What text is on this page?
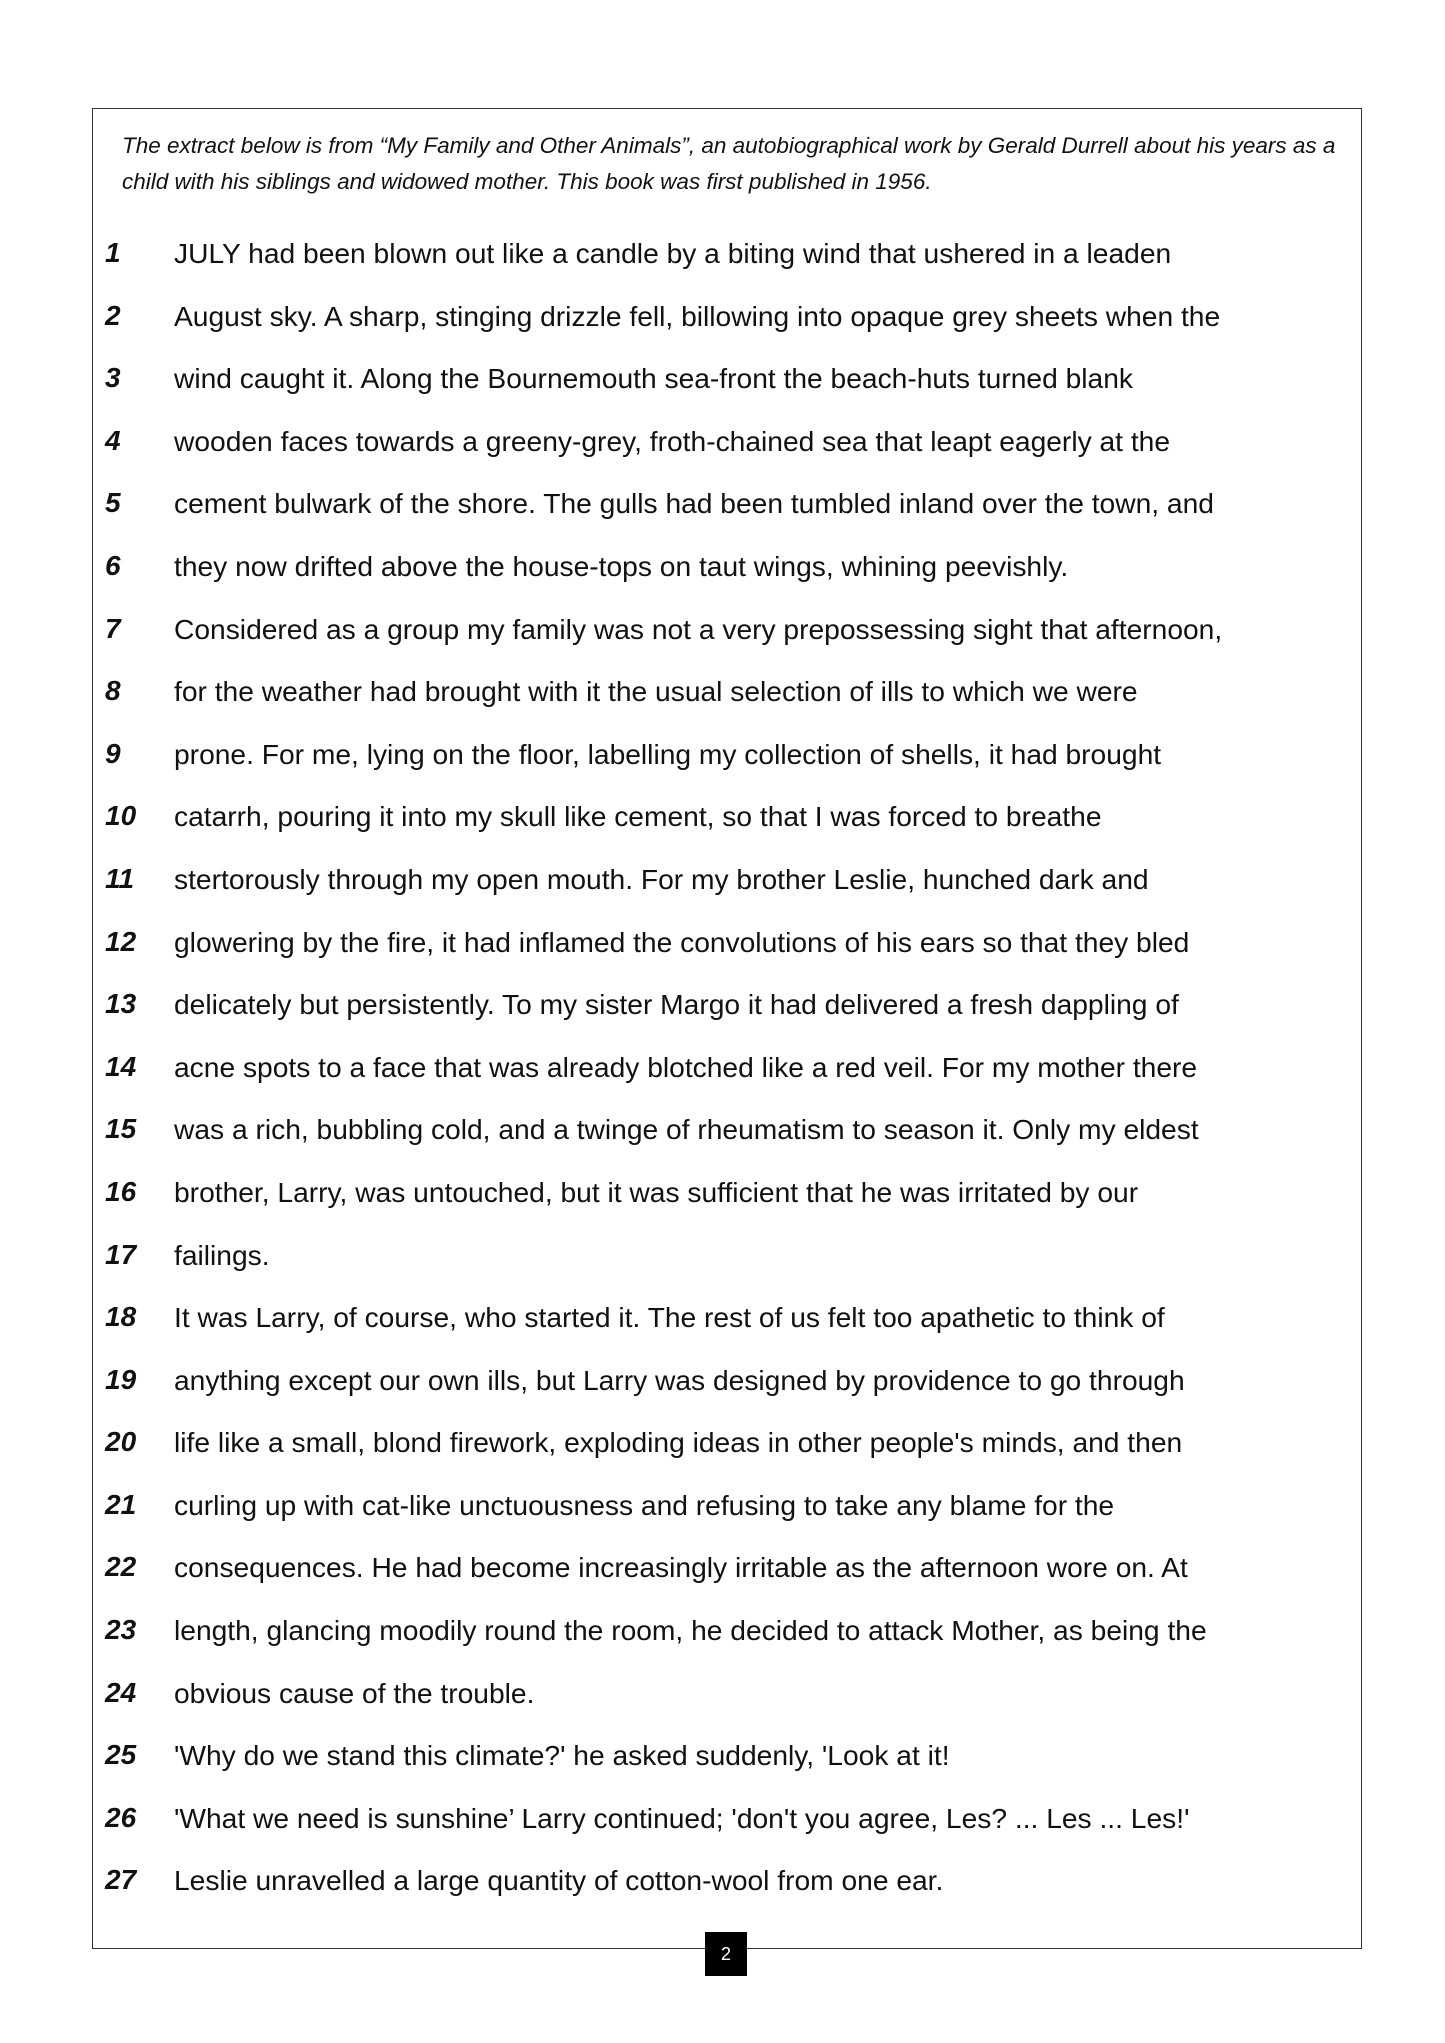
The extract below is from “My Family and Other Animals”, an autobiographical work by Gerald Durrell about his years as a child with his siblings and widowed mother. This book was first published in 1956.
1	JULY had been blown out like a candle by a biting wind that ushered in a leaden
2	August sky. A sharp, stinging drizzle fell, billowing into opaque grey sheets when the
3	wind caught it. Along the Bournemouth sea-front the beach-huts turned blank
4	wooden faces towards a greeny-grey, froth-chained sea that leapt eagerly at the
5	cement bulwark of the shore. The gulls had been tumbled inland over the town, and
6	they now drifted above the house-tops on taut wings, whining peevishly.
7	Considered as a group my family was not a very prepossessing sight that afternoon,
8	for the weather had brought with it the usual selection of ills to which we were
9	prone. For me, lying on the floor, labelling my collection of shells, it had brought
10	catarrh, pouring it into my skull like cement, so that I was forced to breathe
11	stertorously through my open mouth. For my brother Leslie, hunched dark and
12	glowering by the fire, it had inflamed the convolutions of his ears so that they bled
13	delicately but persistently. To my sister Margo it had delivered a fresh dappling of
14	acne spots to a face that was already blotched like a red veil. For my mother there
15	was a rich, bubbling cold, and a twinge of rheumatism to season it. Only my eldest
16	brother, Larry, was untouched, but it was sufficient that he was irritated by our
17	failings.
18	It was Larry, of course, who started it. The rest of us felt too apathetic to think of
19	anything except our own ills, but Larry was designed by providence to go through
20	life like a small, blond firework, exploding ideas in other people's minds, and then
21	curling up with cat-like unctuousness and refusing to take any blame for the
22	consequences. He had become increasingly irritable as the afternoon wore on. At
23	length, glancing moodily round the room, he decided to attack Mother, as being the
24	obvious cause of the trouble.
25	'Why do we stand this climate?' he asked suddenly, 'Look at it!
26	'What we need is sunshine’ Larry continued; 'don't you agree, Les? ... Les ... Les!'
27	Leslie unravelled a large quantity of cotton-wool from one ear.
2
